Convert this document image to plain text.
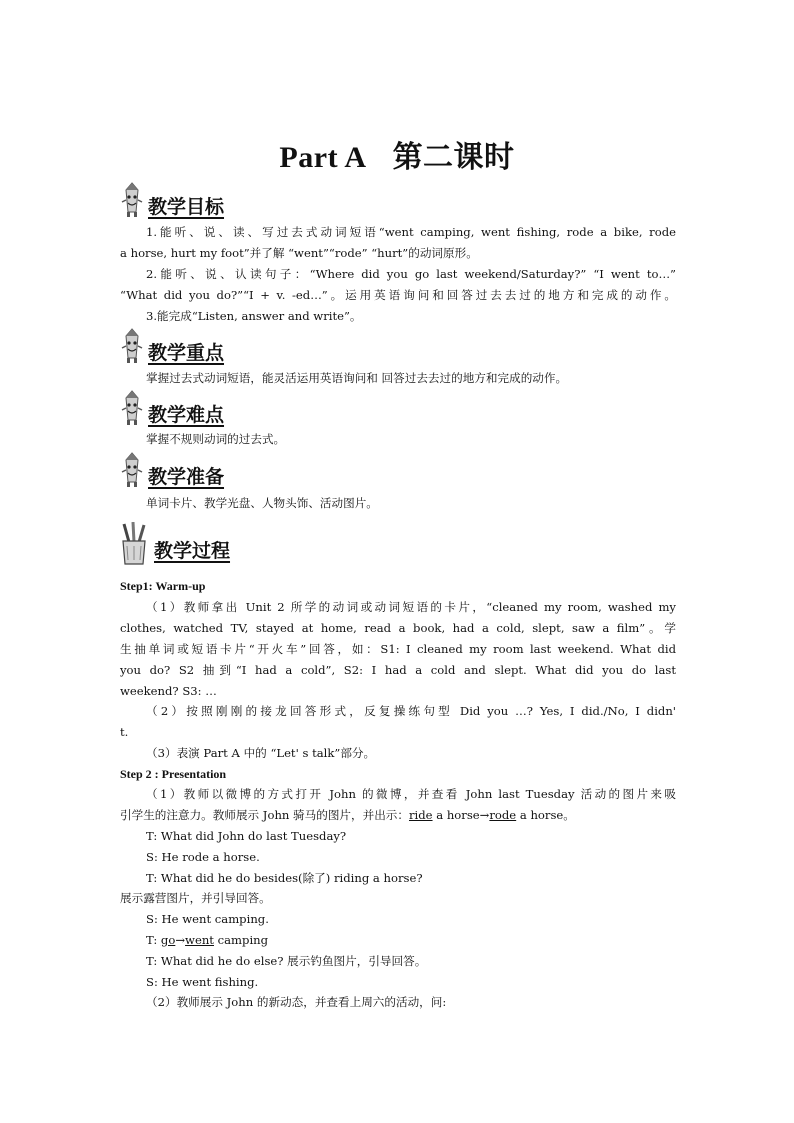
Part A 第二课时
教学目标
1.能听、说、读、写过去式动词短语“went camping, went fishing, rode a bike, rode
a horse, hurt my foot”并了解 “went”“rode” “hurt”的动词原形。
2.能听、说、认读句子：“Where did you go last weekend/Saturday?” “I went to…”
“What did you do?”“I + v. -ed…”。运用英语询问和回答过去去过的地方和完成的动作。
3.能完成“Listen, answer and write”。
教学重点
掌握过去式动词短语，能灵活运用英语询问和 回答过去去过的地方和完成的动作。
教学难点
掌握不规则动词的过去式。
教学准备
单词卡片、教学光盘、人物头饰、活动图片。
教学过程
Step1: Warm-up
（1）教师拿出 Unit 2 所学的动词或动词短语的卡片，“cleaned my room, washed my
clothes, watched TV, stayed at home, read a book, had a cold, slept, saw a film”。学
生抽单词或短语卡片“开火车”回答，如：S1: I cleaned my room last weekend. What did
you do? S2 抽到“I had a cold”, S2: I had a cold and slept. What did you do last
weekend? S3: …
（2）按照刚刚的接龙回答形式，反复操练句型 Did you …? Yes, I did./No, I didn'
t.
（3）表演 Part A 中的 “Let' s talk”部分。
Step 2 : Presentation
（1）教师以微博的方式打开 John 的微博，并查看 John last Tuesday 活动的图片来吸
引学生的注意力。教师展示 John 骑马的图片，并出示：ride a horse→rode a horse。
T: What did John do last Tuesday?
S: He rode a horse.
T: What did he do besides(除了) riding a horse?
展示露营图片，并引导回答。
S: He went camping.
T: go→went camping
T: What did he do else? 展示钓鱼图片，引导回答。
S: He went fishing.
（2）教师展示 John 的新动态，并查看上周六的活动，问:
